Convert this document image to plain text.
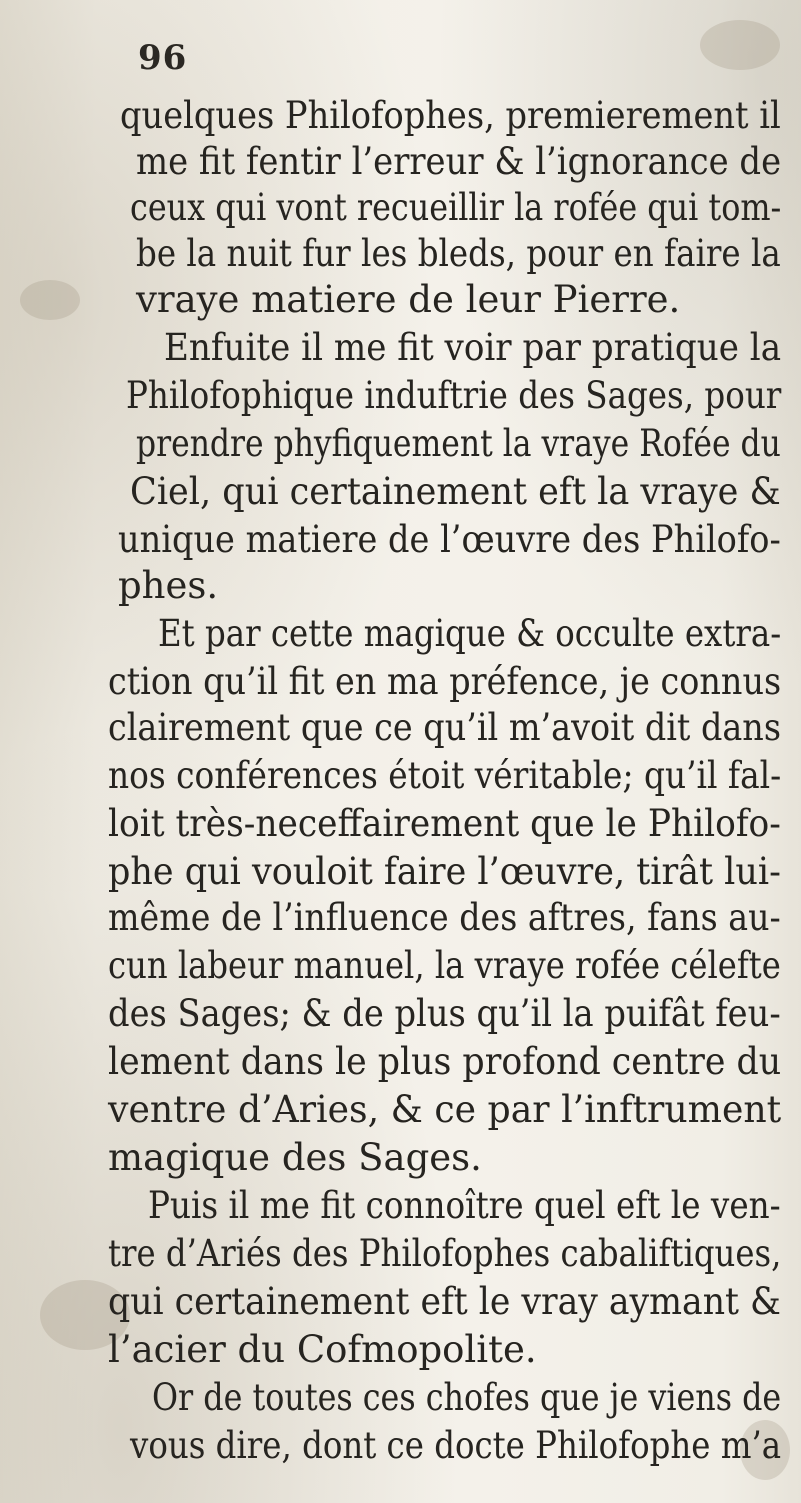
96
quelques Philofophes, premierement il
me fit fentir l’erreur & l’ignorance de
ceux qui vont recueillir la rofée qui tom-
be la nuit fur les bleds, pour en faire la
vraye matiere de leur Pierre.
Enfuite il me fit voir par pratique la
Philofophique induftrie des Sages, pour
prendre phyfiquement la vraye Rofée du
Ciel, qui certainement eft la vraye &
unique matiere de l’œuvre des Philofo-
phes.
Et par cette magique & occulte extra-
ction qu’il fit en ma préfence, je connus
clairement que ce qu’il m’avoit dit dans
nos conférences étoit véritable; qu’il fal-
loit très-neceffairement que le Philofo-
phe qui vouloit faire l’œuvre, tirât lui-
même de l’influence des aftres, fans au-
cun labeur manuel, la vraye rofée célefte
des Sages; & de plus qu’il la puifât feu-
lement dans le plus profond centre du
ventre d’Aries, & ce par l’inftrument
magique des Sages.
Puis il me fit connoître quel eft le ven-
tre d’Ariés des Philofophes cabaliftiques,
qui certainement eft le vray aymant &
l’acier du Cofmopolite.
Or de toutes ces chofes que je viens de
vous dire, dont ce docte Philofophe m’a
